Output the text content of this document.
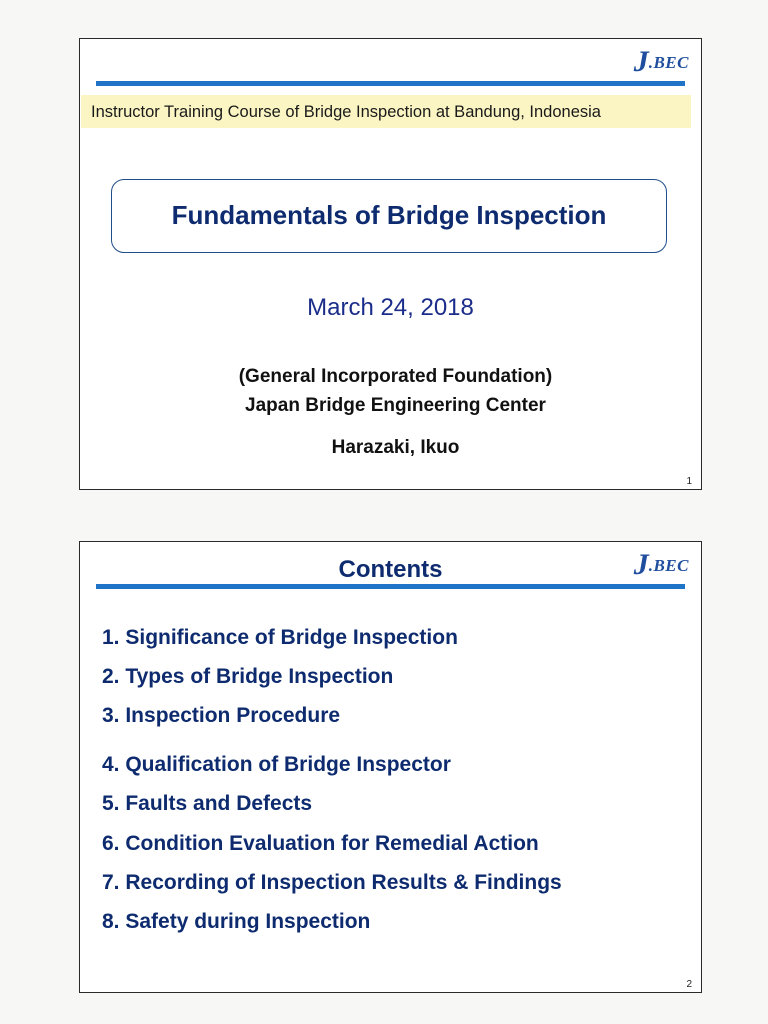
J.BEC
Instructor Training Course of Bridge Inspection at Bandung, Indonesia
Fundamentals of Bridge Inspection
March 24, 2018
(General Incorporated Foundation)
Japan Bridge Engineering Center
Harazaki, Ikuo
1
Contents	J.BEC
1. Significance of Bridge Inspection
2. Types of Bridge Inspection
3. Inspection Procedure
4. Qualification of Bridge Inspector
5. Faults and Defects
6. Condition Evaluation for Remedial Action
7. Recording of Inspection Results & Findings
8. Safety during Inspection
2
